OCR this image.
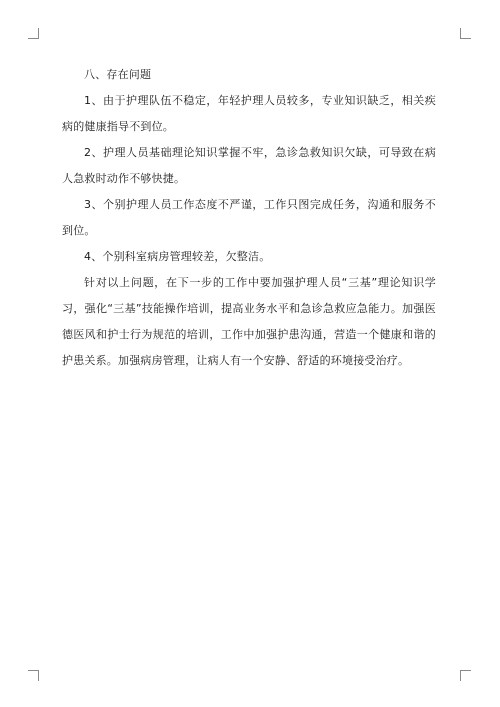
八、存在问题

1、由于护理队伍不稳定，年轻护理人员较多，专业知识缺乏，相关疾病的健康指导不到位。

2、护理人员基础理论知识掌握不牢，急诊急救知识欠缺，可导致在病人急救时动作不够快捷。

3、个别护理人员工作态度不严谨，工作只图完成任务，沟通和服务不到位。

4、个别科室病房管理较差，欠整洁。

针对以上问题，在下一步的工作中要加强护理人员“三基”理论知识学习，强化“三基”技能操作培训，提高业务水平和急诊急救应急能力。加强医德医风和护士行为规范的培训，工作中加强护患沟通，营造一个健康和谐的护患关系。加强病房管理，让病人有一个安静、舒适的环境接受治疗。
